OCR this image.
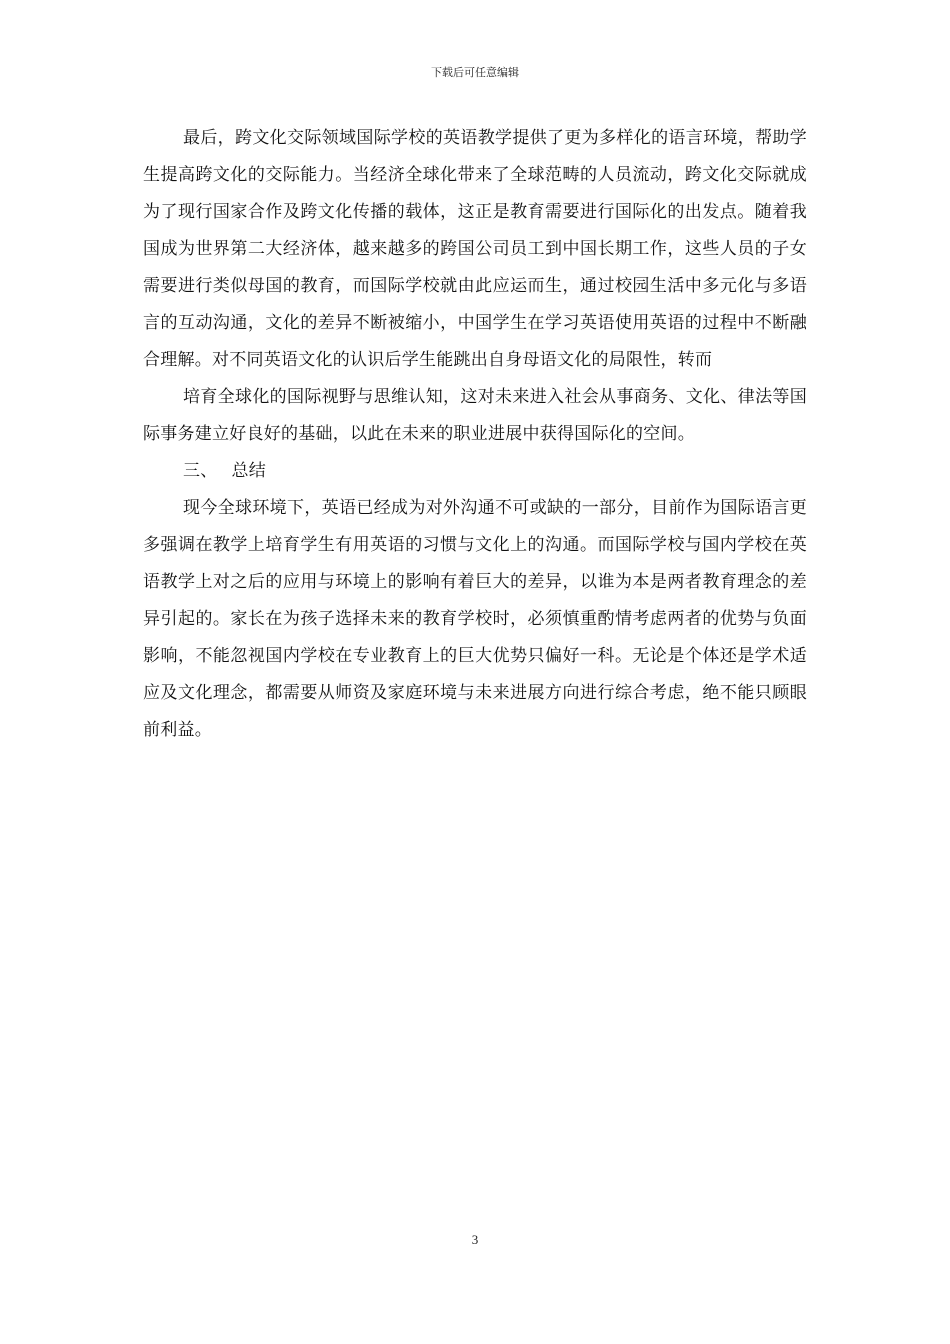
下载后可任意编辑

最后，跨文化交际领域国际学校的英语教学提供了更为多样化的语言环境，帮助学生提高跨文化的交际能力。当经济全球化带来了全球范畴的人员流动，跨文化交际就成为了现行国家合作及跨文化传播的载体，这正是教育需要进行国际化的出发点。随着我国成为世界第二大经济体，越来越多的跨国公司员工到中国长期工作，这些人员的子女需要进行类似母国的教育，而国际学校就由此应运而生，通过校园生活中多元化与多语言的互动沟通，文化的差异不断被缩小，中国学生在学习英语使用英语的过程中不断融合理解。对不同英语文化的认识后学生能跳出自身母语文化的局限性，转而

培育全球化的国际视野与思维认知，这对未来进入社会从事商务、文化、律法等国际事务建立好良好的基础，以此在未来的职业进展中获得国际化的空间。

三、 总结

现今全球环境下，英语已经成为对外沟通不可或缺的一部分，目前作为国际语言更多强调在教学上培育学生有用英语的习惯与文化上的沟通。而国际学校与国内学校在英语教学上对之后的应用与环境上的影响有着巨大的差异，以谁为本是两者教育理念的差异引起的。家长在为孩子选择未来的教育学校时，必须慎重酌情考虑两者的优势与负面影响，不能忽视国内学校在专业教育上的巨大优势只偏好一科。无论是个体还是学术适应及文化理念，都需要从师资及家庭环境与未来进展方向进行综合考虑，绝不能只顾眼前利益。

3
